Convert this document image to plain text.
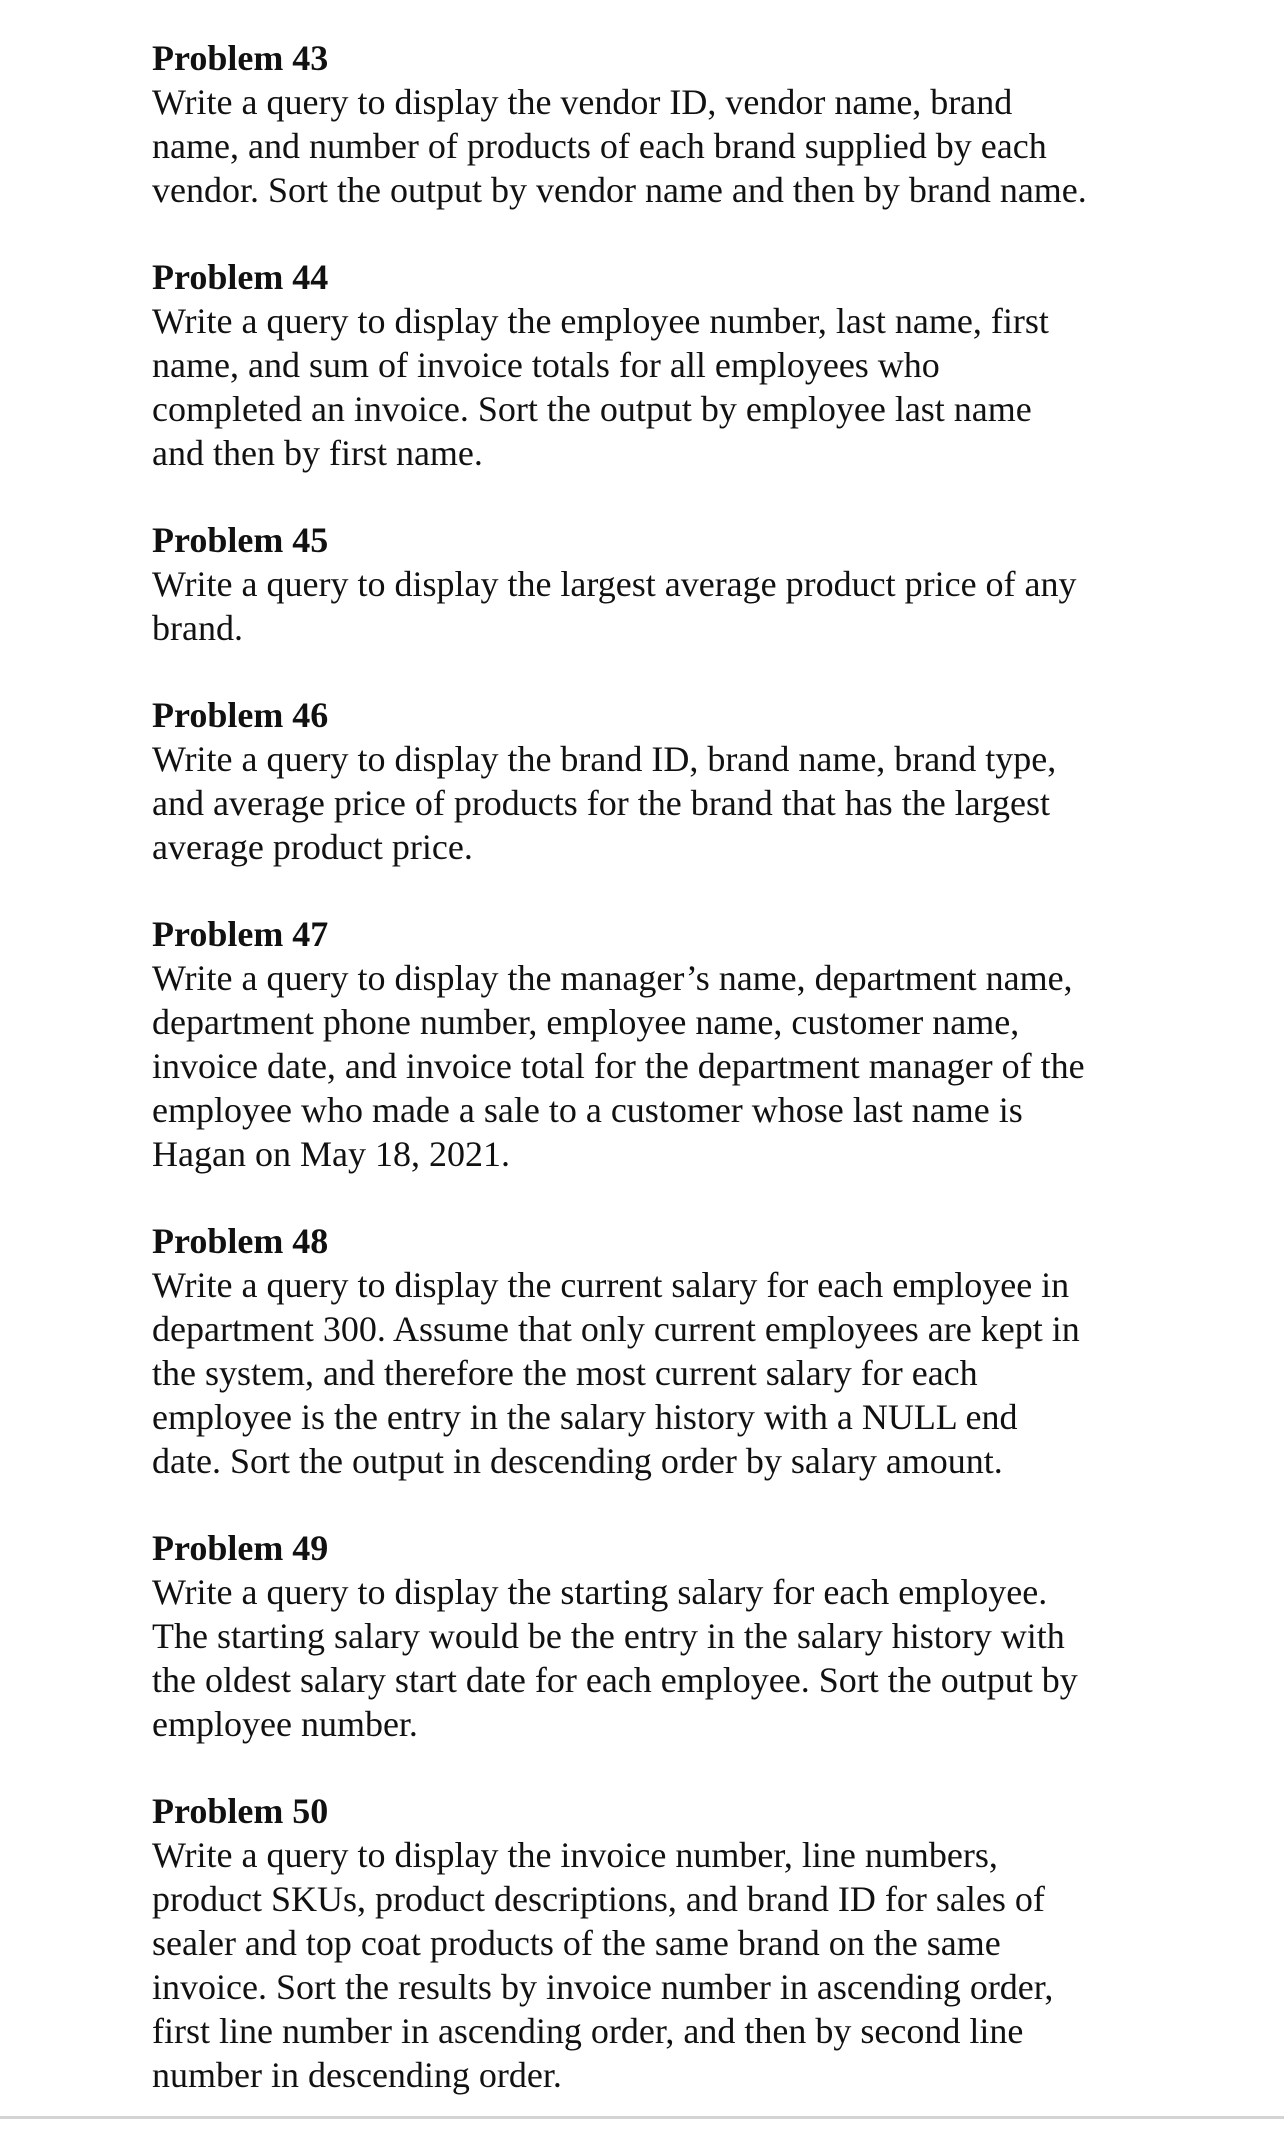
Problem 43
Write a query to display the vendor ID, vendor name, brand
name, and number of products of each brand supplied by each
vendor. Sort the output by vendor name and then by brand name.
Problem 44
Write a query to display the employee number, last name, first
name, and sum of invoice totals for all employees who
completed an invoice. Sort the output by employee last name
and then by first name.
Problem 45
Write a query to display the largest average product price of any
brand.
Problem 46
Write a query to display the brand ID, brand name, brand type,
and average price of products for the brand that has the largest
average product price.
Problem 47
Write a query to display the manager’s name, department name,
department phone number, employee name, customer name,
invoice date, and invoice total for the department manager of the
employee who made a sale to a customer whose last name is
Hagan on May 18, 2021.
Problem 48
Write a query to display the current salary for each employee in
department 300. Assume that only current employees are kept in
the system, and therefore the most current salary for each
employee is the entry in the salary history with a NULL end
date. Sort the output in descending order by salary amount.
Problem 49
Write a query to display the starting salary for each employee.
The starting salary would be the entry in the salary history with
the oldest salary start date for each employee. Sort the output by
employee number.
Problem 50
Write a query to display the invoice number, line numbers,
product SKUs, product descriptions, and brand ID for sales of
sealer and top coat products of the same brand on the same
invoice. Sort the results by invoice number in ascending order,
first line number in ascending order, and then by second line
number in descending order.
